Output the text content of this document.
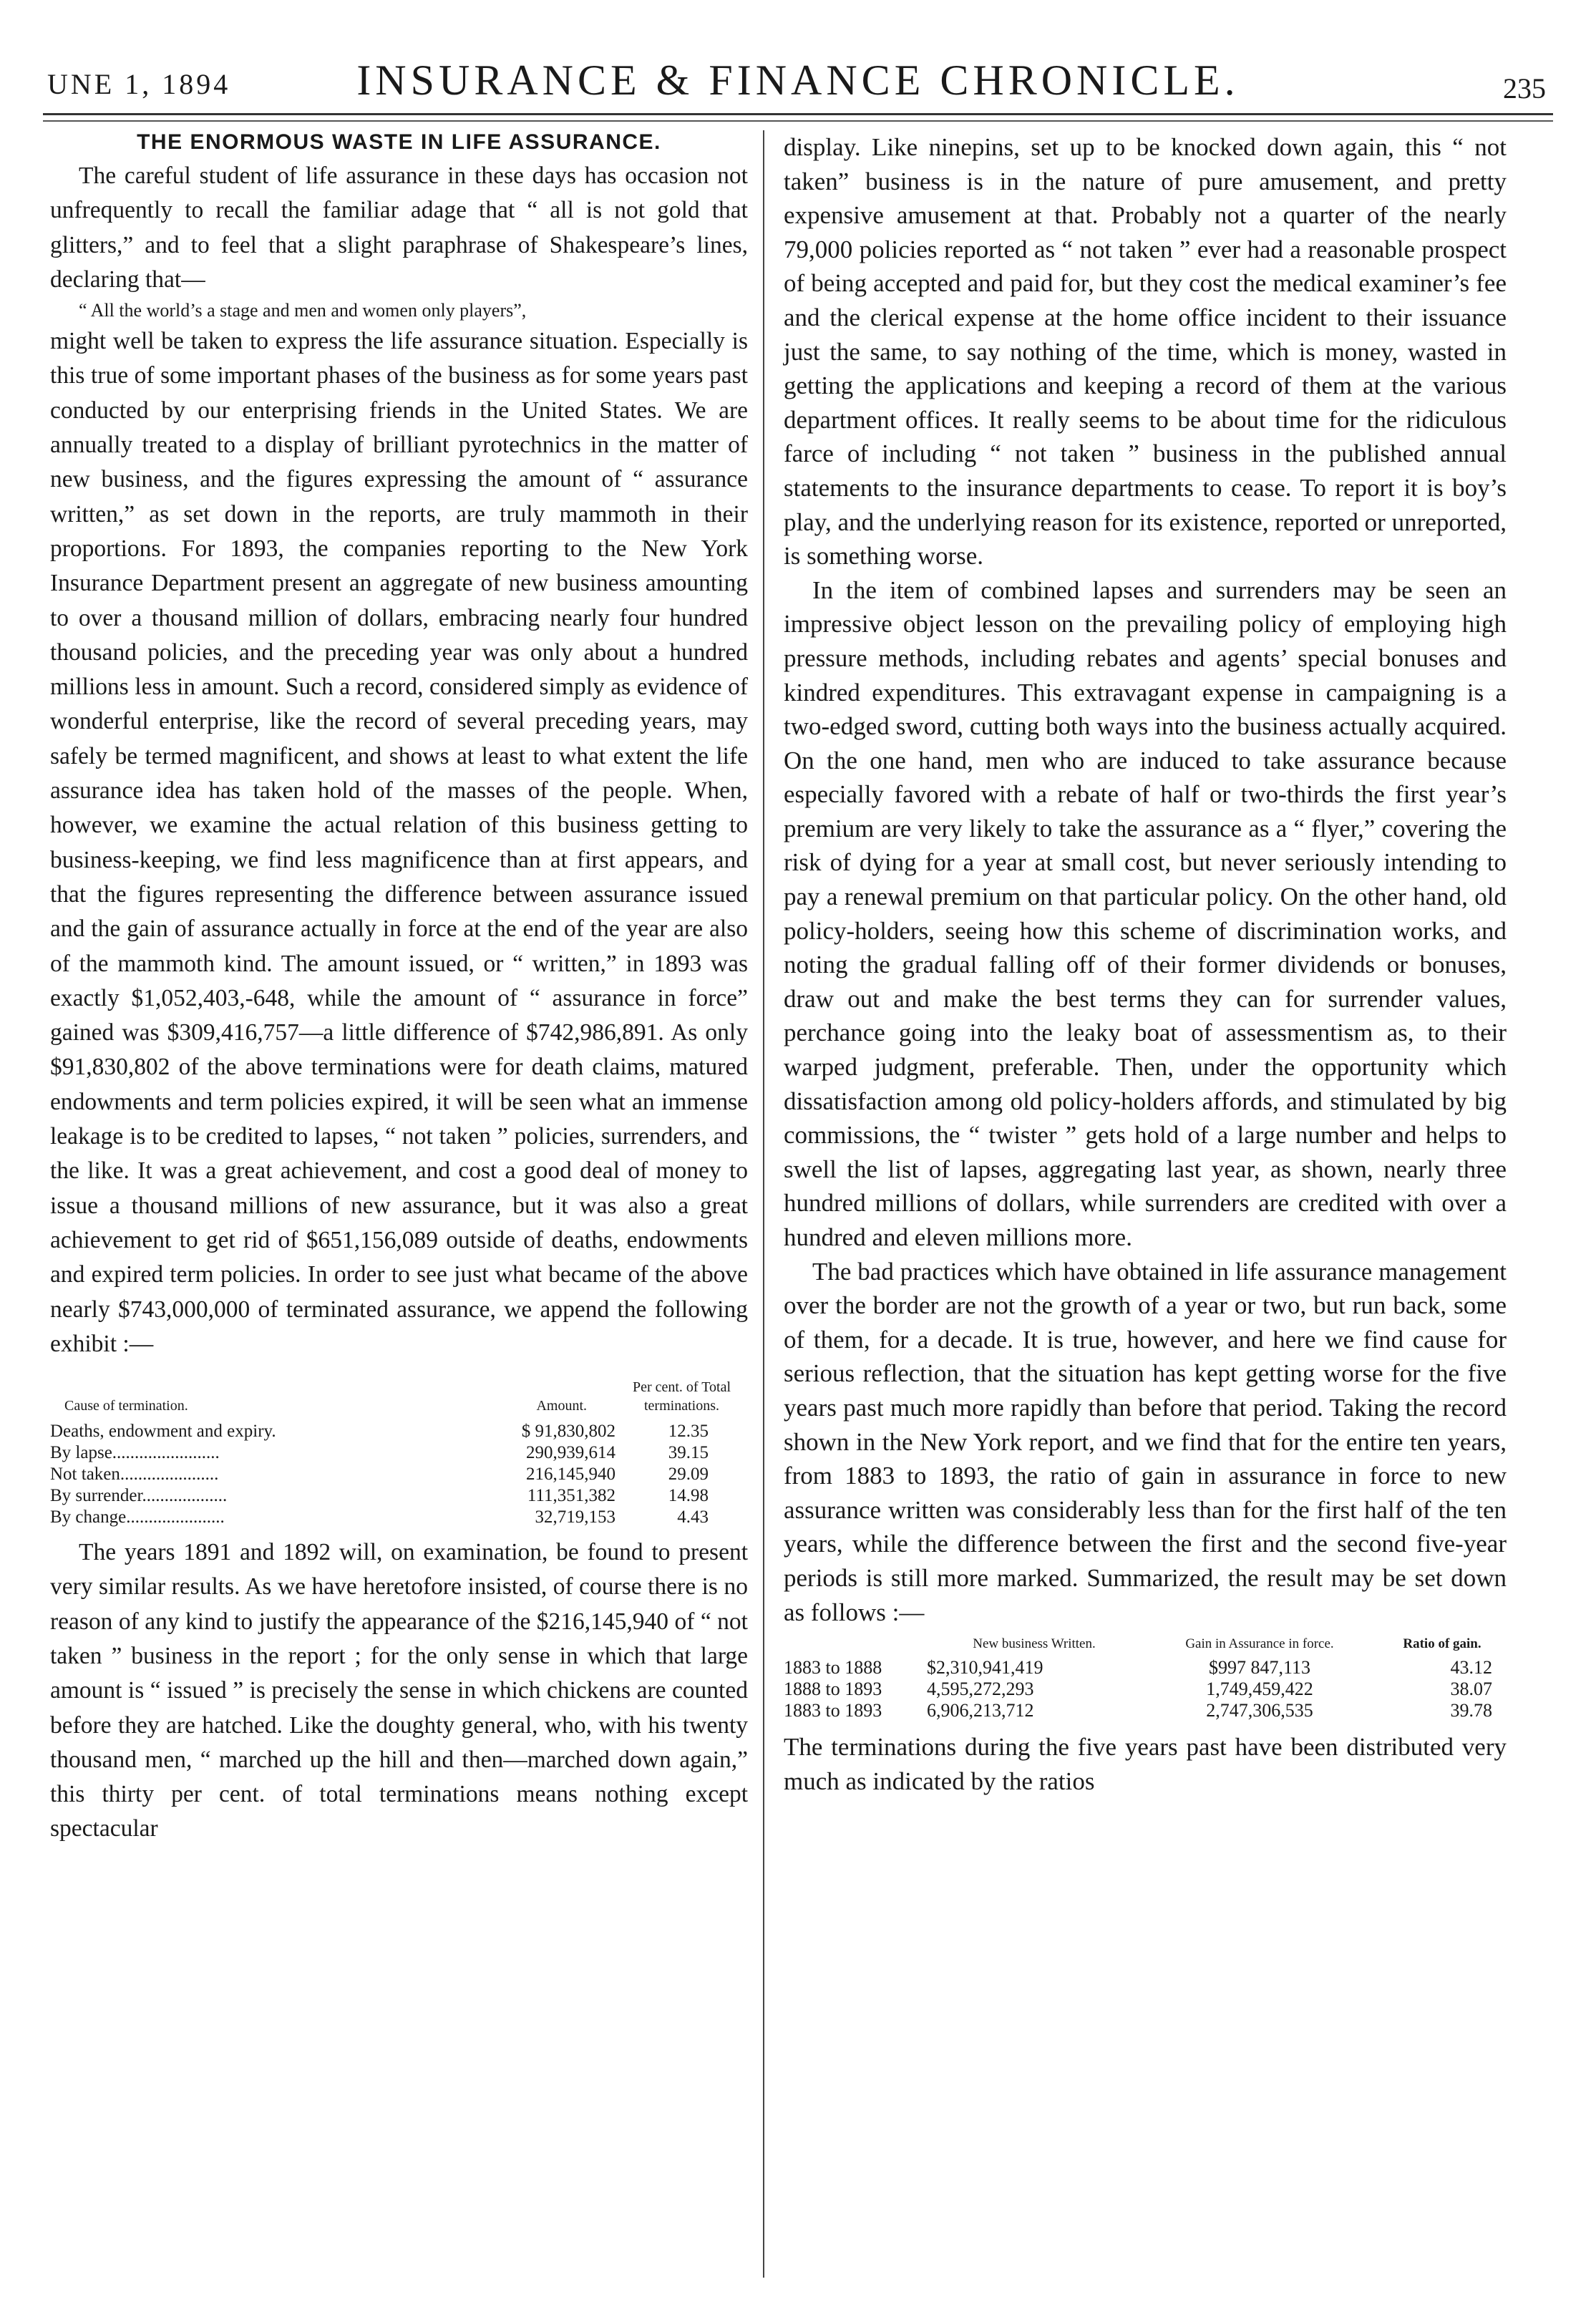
UNE 1, 1894	INSURANCE & FINANCE CHRONICLE.	235
THE ENORMOUS WASTE IN LIFE ASSURANCE.

The careful student of life assurance in these days has occasion not unfrequently to recall the familiar adage that “ all is not gold that glitters,” and to feel that a slight paraphrase of Shakespeare’s lines, declaring that—

“ All the world’s a stage and men and women only players”,

might well be taken to express the life assurance situation. Especially is this true of some important phases of the business as for some years past conducted by our enterprising friends in the United States. We are annually treated to a display of brilliant pyrotechnics in the matter of new business, and the figures expressing the amount of “ assurance written,” as set down in the reports, are truly mammoth in their proportions. For 1893, the companies reporting to the New York Insurance Department present an aggregate of new business amounting to over a thousand million of dollars, embracing nearly four hundred thousand policies, and the preceding year was only about a hundred millions less in amount. Such a record, considered simply as evidence of wonderful enterprise, like the record of several preceding years, may safely be termed magnificent, and shows at least to what extent the life assurance idea has taken hold of the masses of the people. When, however, we examine the actual relation of this business getting to business-keeping, we find less magnificence than at first appears, and that the figures representing the difference between assurance issued and the gain of assurance actually in force at the end of the year are also of the mammoth kind. The amount issued, or “ written,” in 1893 was exactly $1,052,403,-648, while the amount of “ assurance in force” gained was $309,416,757—a little difference of $742,986,891. As only $91,830,802 of the above terminations were for death claims, matured endowments and term policies expired, it will be seen what an immense leakage is to be credited to lapses, “ not taken ” policies, surrenders, and the like. It was a great achievement, and cost a good deal of money to issue a thousand millions of new assurance, but it was also a great achievement to get rid of $651,156,089 outside of deaths, endowments and expired term policies. In order to see just what became of the above nearly $743,000,000 of terminated assurance, we append the following exhibit :—

Cause of termination.	Amount.	Per cent. of Total terminations.
Deaths, endowment and expiry.	$ 91,830,802	12.35
By lapse........................	290,939,614	39.15
Not taken......................	216,145,940	29.09
By surrender...................	111,351,382	14.98
By change......................	32,719,153	4.43

The years 1891 and 1892 will, on examination, be found to present very similar results. As we have heretofore insisted, of course there is no reason of any kind to justify the appearance of the $216,145,940 of “ not taken ” business in the report ; for the only sense in which that large amount is “ issued ” is precisely the sense in which chickens are counted before they are hatched. Like the doughty general, who, with his twenty thousand men, “ marched up the hill and then—marched down again,” this thirty per cent. of total terminations means nothing except spectacular

display. Like ninepins, set up to be knocked down again, this “ not taken” business is in the nature of pure amusement, and pretty expensive amusement at that. Probably not a quarter of the nearly 79,000 policies reported as “ not taken ” ever had a reasonable prospect of being accepted and paid for, but they cost the medical examiner’s fee and the clerical expense at the home office incident to their issuance just the same, to say nothing of the time, which is money, wasted in getting the applications and keeping a record of them at the various department offices. It really seems to be about time for the ridiculous farce of including “ not taken ” business in the published annual statements to the insurance departments to cease. To report it is boy’s play, and the underlying reason for its existence, reported or unreported, is something worse.

In the item of combined lapses and surrenders may be seen an impressive object lesson on the prevailing policy of employing high pressure methods, including rebates and agents’ special bonuses and kindred expenditures. This extravagant expense in campaigning is a two-edged sword, cutting both ways into the business actually acquired. On the one hand, men who are induced to take assurance because especially favored with a rebate of half or two-thirds the first year’s premium are very likely to take the assurance as a “ flyer,” covering the risk of dying for a year at small cost, but never seriously intending to pay a renewal premium on that particular policy. On the other hand, old policy-holders, seeing how this scheme of discrimination works, and noting the gradual falling off of their former dividends or bonuses, draw out and make the best terms they can for surrender values, perchance going into the leaky boat of assessmentism as, to their warped judgment, preferable. Then, under the opportunity which dissatisfaction among old policy-holders affords, and stimulated by big commissions, the “ twister ” gets hold of a large number and helps to swell the list of lapses, aggregating last year, as shown, nearly three hundred millions of dollars, while surrenders are credited with over a hundred and eleven millions more.

The bad practices which have obtained in life assurance management over the border are not the growth of a year or two, but run back, some of them, for a decade. It is true, however, and here we find cause for serious reflection, that the situation has kept getting worse for the five years past much more rapidly than before that period. Taking the record shown in the New York report, and we find that for the entire ten years, from 1883 to 1893, the ratio of gain in assurance in force to new assurance written was considerably less than for the first half of the ten years, while the difference between the first and the second five-year periods is still more marked. Summarized, the result may be set down as follows :—

	New business Written.	Gain in Assurance in force.	Ratio of gain.
1883 to 1888	$2,310,941,419	$997 847,113	43.12
1888 to 1893	4,595,272,293	1,749,459,422	38.07
1883 to 1893	6,906,213,712	2,747,306,535	39.78

The terminations during the five years past have been distributed very much as indicated by the ratios
